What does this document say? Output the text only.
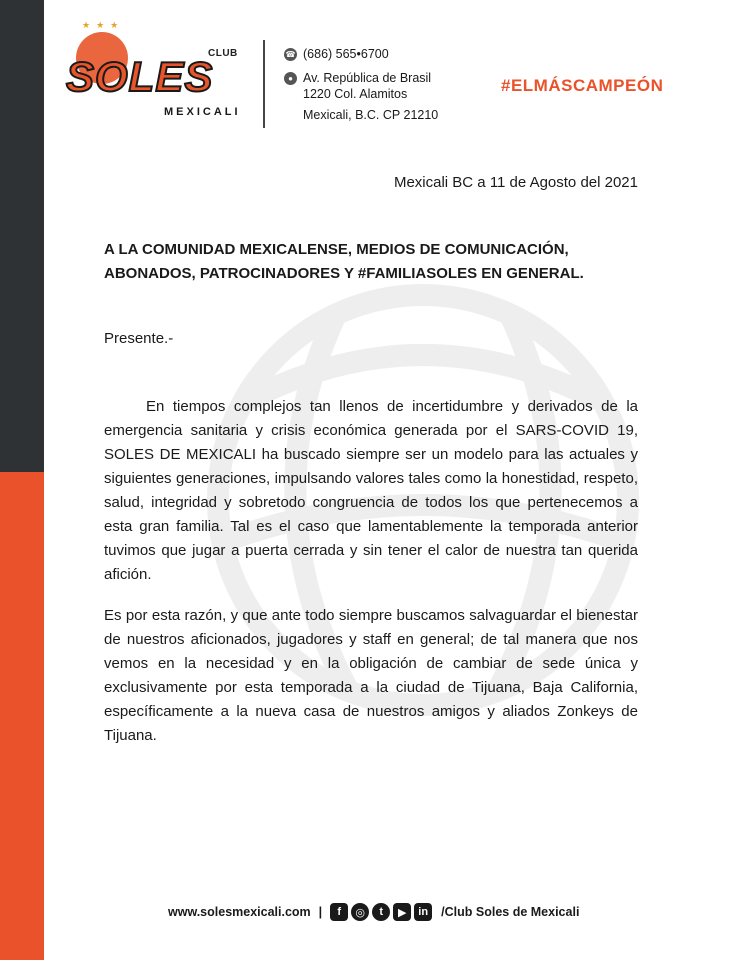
★★★
CLUB
SOLES
MEXICALI
☎ (686) 565•6700
● Av. República de Brasil
1220 Col. Alamitos
Mexicali, B.C. CP 21210
#ELMÁSCAMPEÓN
Mexicali BC a 11 de Agosto del 2021
A LA COMUNIDAD MEXICALENSE, MEDIOS DE COMUNICACIÓN,
ABONADOS, PATROCINADORES Y #FAMILIASOLES EN GENERAL.
Presente.-
En tiempos complejos tan llenos de incertidumbre y derivados de la emergencia sanitaria y crisis económica generada por el SARS-COVID 19, SOLES DE MEXICALI ha buscado siempre ser un modelo para las actuales y siguientes generaciones, impulsando valores tales como la honestidad, respeto, salud, integridad y sobretodo congruencia de todos los que pertenecemos a esta gran familia. Tal es el caso que lamentablemente la temporada anterior tuvimos que jugar a puerta cerrada y sin tener el calor de nuestra tan querida afición.
Es por esta razón, y que ante todo siempre buscamos salvaguardar el bienestar de nuestros aficionados, jugadores y staff en general; de tal manera que nos vemos en la necesidad y en la obligación de cambiar de sede única y exclusivamente por esta temporada a la ciudad de Tijuana, Baja California, específicamente a la nueva casa de nuestros amigos y aliados Zonkeys de Tijuana.
www.solesmexicali.com |	f	◎	t	▶	in	/Club Soles de Mexicali
